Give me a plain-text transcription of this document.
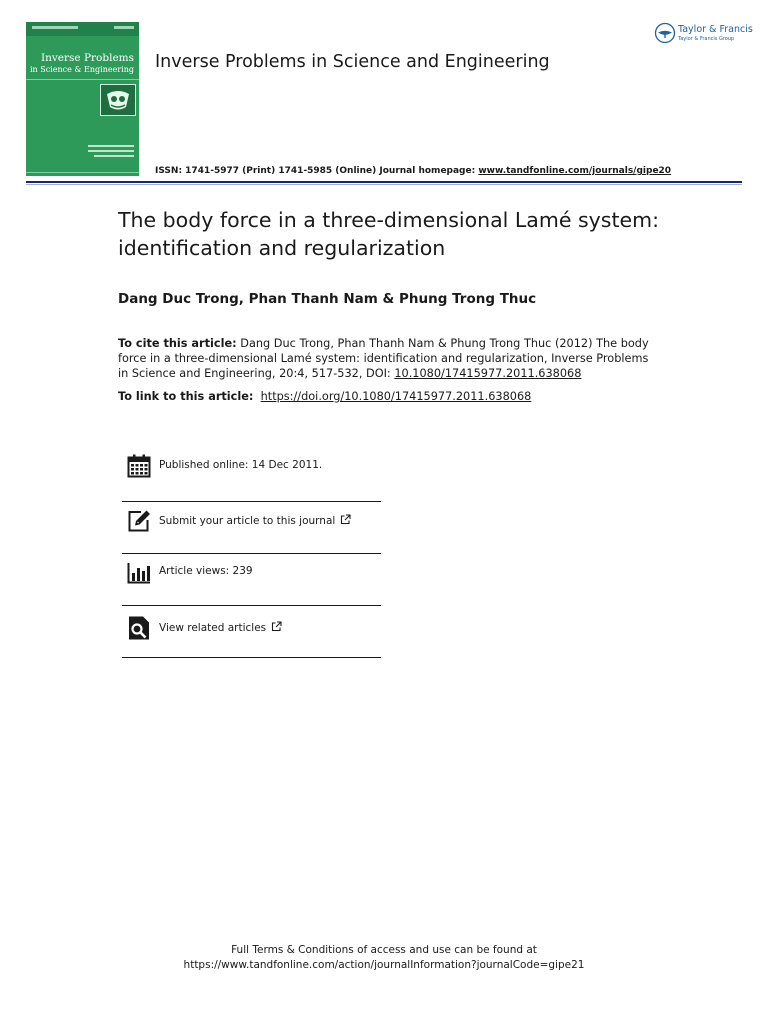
Inverse Problems
in Science & Engineering Inverse Problems in Science and Engineering
ISSN: 1741-5977 (Print) 1741-5985 (Online) Journal homepage: www.tandfonline.com/journals/gipe20
Taylor & Francis
Taylor & Francis Group
The body force in a three-dimensional Lamé system: identification and regularization
Dang Duc Trong, Phan Thanh Nam & Phung Trong Thuc
To cite this article: Dang Duc Trong, Phan Thanh Nam & Phung Trong Thuc (2012) The body force in a three-dimensional Lamé system: identification and regularization, Inverse Problems in Science and Engineering, 20:4, 517-532, DOI: 10.1080/17415977.2011.638068
To link to this article: https://doi.org/10.1080/17415977.2011.638068
Published online: 14 Dec 2011.
Submit your article to this journal
Article views: 239
View related articles
Full Terms & Conditions of access and use can be found at
https://www.tandfonline.com/action/journalInformation?journalCode=gipe21
